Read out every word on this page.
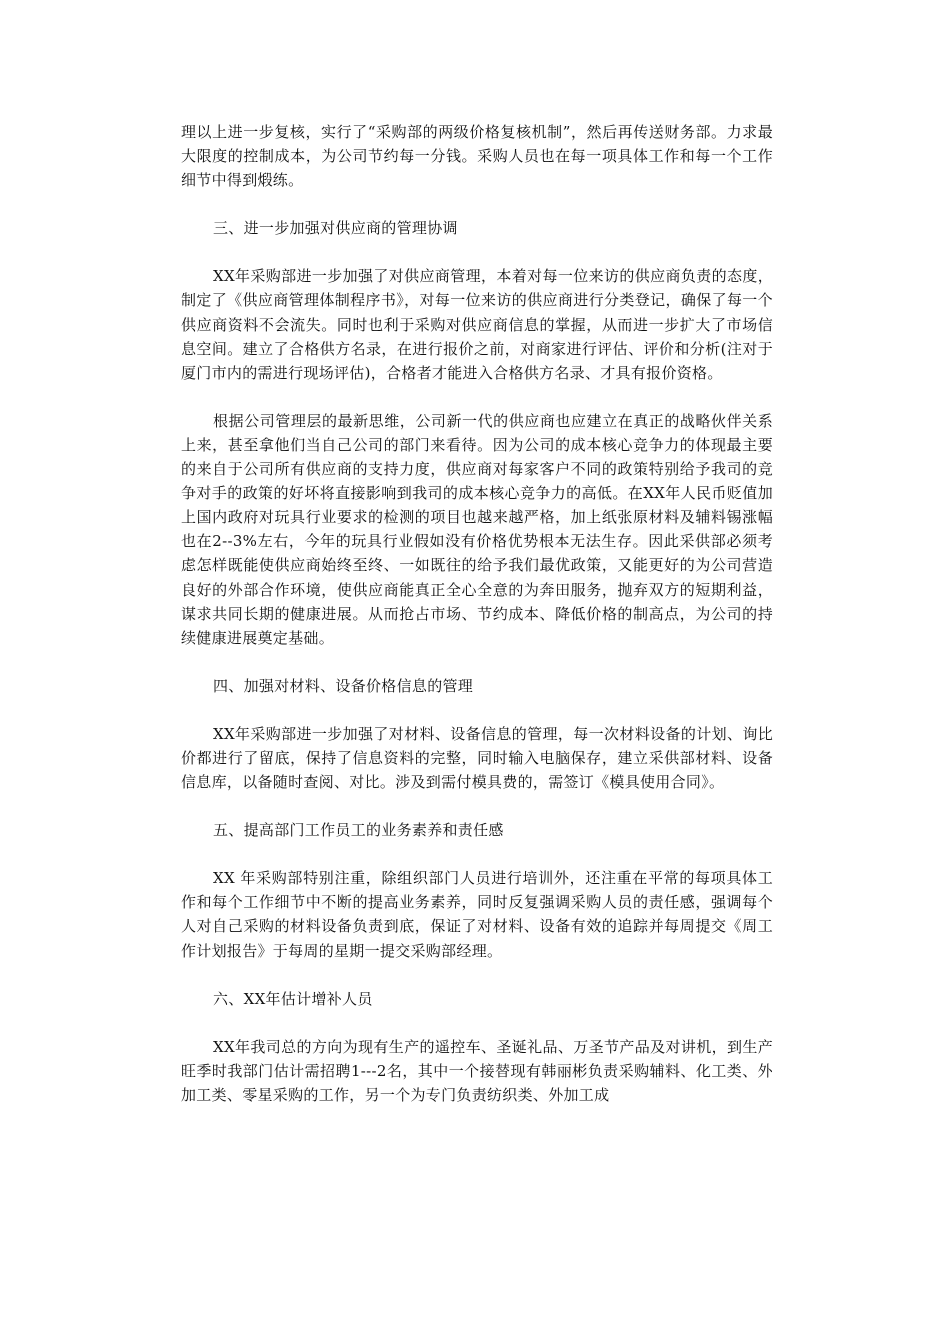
理以上进一步复核，实行了“采购部的两级价格复核机制”，然后再传送财务部。力求最大限度的控制成本，为公司节约每一分钱。采购人员也在每一项具体工作和每一个工作细节中得到煅练。

三、进一步加强对供应商的管理协调

XX年采购部进一步加强了对供应商管理，本着对每一位来访的供应商负责的态度，制定了《供应商管理体制程序书》，对每一位来访的供应商进行分类登记，确保了每一个供应商资料不会流失。同时也利于采购对供应商信息的掌握，从而进一步扩大了市场信息空间。建立了合格供方名录，在进行报价之前，对商家进行评估、评价和分析(注对于厦门市内的需进行现场评估)，合格者才能进入合格供方名录、才具有报价资格。

根据公司管理层的最新思维，公司新一代的供应商也应建立在真正的战略伙伴关系上来，甚至拿他们当自己公司的部门来看待。因为公司的成本核心竞争力的体现最主要的来自于公司所有供应商的支持力度，供应商对每家客户不同的政策特别给予我司的竞争对手的政策的好坏将直接影响到我司的成本核心竞争力的高低。在XX年人民币贬值加上国内政府对玩具行业要求的检测的项目也越来越严格，加上纸张原材料及辅料锡涨幅也在2--3%左右，今年的玩具行业假如没有价格优势根本无法生存。因此采供部必须考虑怎样既能使供应商始终至终、一如既往的给予我们最优政策，又能更好的为公司营造良好的外部合作环境，使供应商能真正全心全意的为奔田服务，抛弃双方的短期利益，谋求共同长期的健康进展。从而抢占市场、节约成本、降低价格的制高点，为公司的持续健康进展奠定基础。

四、加强对材料、设备价格信息的管理

XX年采购部进一步加强了对材料、设备信息的管理，每一次材料设备的计划、询比价都进行了留底，保持了信息资料的完整，同时输入电脑保存，建立采供部材料、设备信息库，以备随时查阅、对比。涉及到需付模具费的，需签订《模具使用合同》。

五、提高部门工作员工的业务素养和责任感

XX 年采购部特别注重，除组织部门人员进行培训外，还注重在平常的每项具体工作和每个工作细节中不断的提高业务素养，同时反复强调采购人员的责任感，强调每个人对自己采购的材料设备负责到底，保证了对材料、设备有效的追踪并每周提交《周工作计划报告》于每周的星期一提交采购部经理。

六、XX年估计增补人员

XX年我司总的方向为现有生产的遥控车、圣诞礼品、万圣节产品及对讲机，到生产旺季时我部门估计需招聘1---2名，其中一个接替现有韩丽彬负责采购辅料、化工类、外加工类、零星采购的工作，另一个为专门负责纺织类、外加工成
